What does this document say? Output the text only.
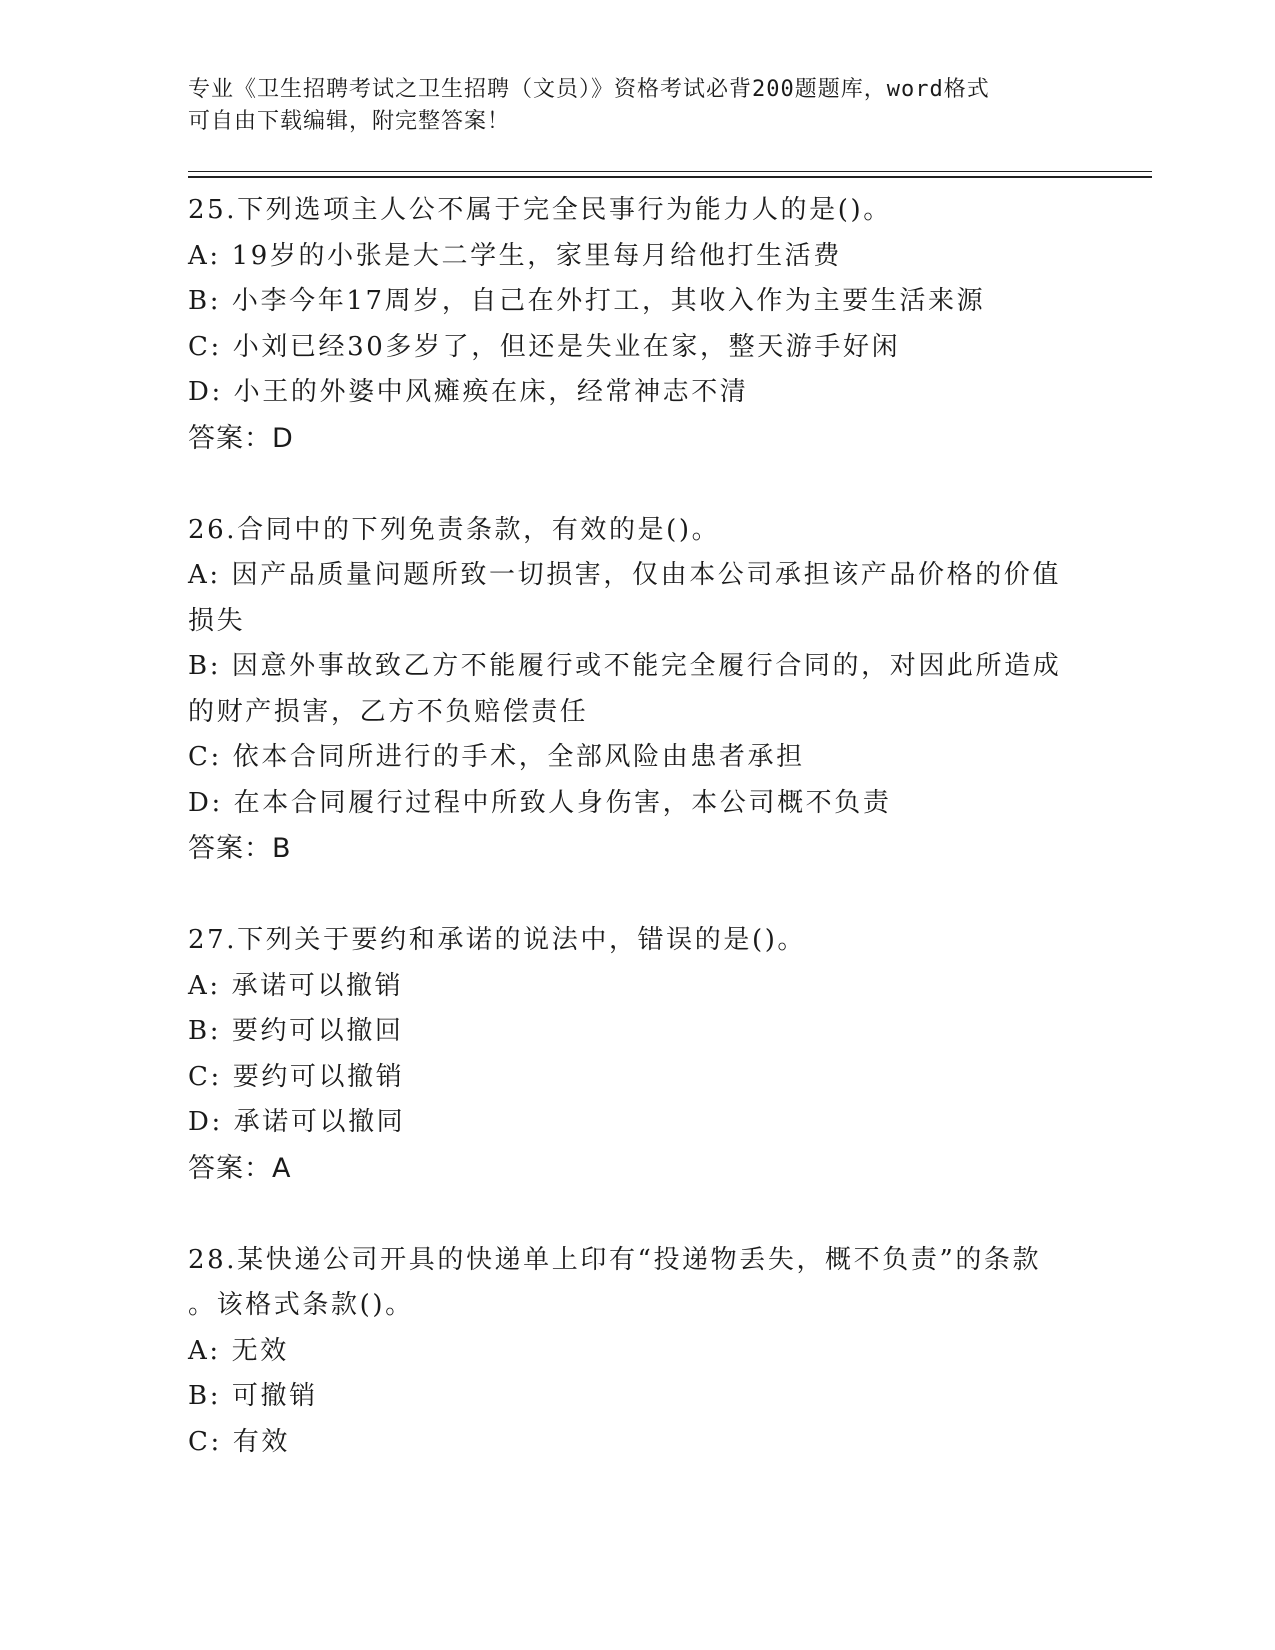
专业《卫生招聘考试之卫生招聘（文员）》资格考试必背200题题库，word格式
可自由下载编辑，附完整答案！
25.下列选项主人公不属于完全民事行为能力人的是()。
A: 19岁的小张是大二学生，家里每月给他打生活费
B: 小李今年17周岁，自己在外打工，其收入作为主要生活来源
C: 小刘已经30多岁了，但还是失业在家，整天游手好闲
D: 小王的外婆中风瘫痪在床，经常神志不清
答案：D
26.合同中的下列免责条款，有效的是()。
A: 因产品质量问题所致一切损害，仅由本公司承担该产品价格的价值
损失
B: 因意外事故致乙方不能履行或不能完全履行合同的，对因此所造成
的财产损害，乙方不负赔偿责任
C: 依本合同所进行的手术，全部风险由患者承担
D: 在本合同履行过程中所致人身伤害，本公司概不负责
答案：B
27.下列关于要约和承诺的说法中，错误的是()。
A: 承诺可以撤销
B: 要约可以撤回
C: 要约可以撤销
D: 承诺可以撤同
答案：A
28.某快递公司开具的快递单上印有“投递物丢失，概不负责”的条款
。该格式条款()。
A: 无效
B: 可撤销
C: 有效
